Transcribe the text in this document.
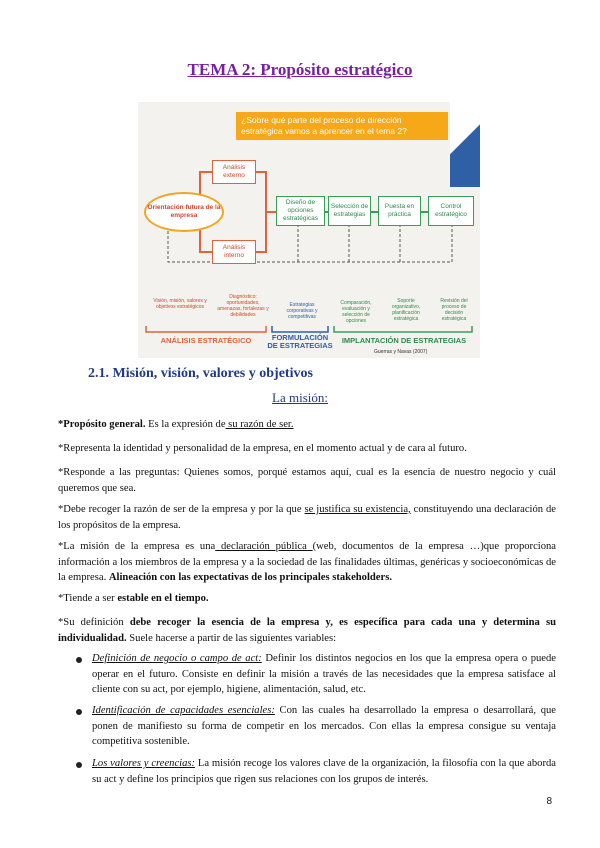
TEMA 2: Propósito estratégico
¿Sobre qué parte del proceso de dirección estratégica vamos a aprencer en el tema 2?
Orientación futura de la empresa
Análisis externo
Análisis interno
Diseño de opciones estratégicas
Selección de estrategias
Puesta en práctica
Control estratégico
Visión, misión, valores y objetivos estratégicos
Diagnóstico: oportunidades, amenazas, fortalezas y debilidades
Estrategias corporativas y competitivas
Comparación, evaluación y selección de opciones
Soporte organizativo, planificación estratégica
Revisión del proceso de decisión estratégica
ANÁLISIS ESTRATÉGICO	FORMULACIÓN DE ESTRATEGIAS
IMPLANTACIÓN DE ESTRATEGIAS
Guerras y Navas (2007)
2.1. Misión, visión, valores y objetivos
La misión:
*Propósito general. Es la expresión de su razón de ser.
*Representa la identidad y personalidad de la empresa, en el momento actual y de cara al futuro.
*Responde a las preguntas: Quienes somos, porqué estamos aquí, cual es la esencia de nuestro negocio y cuál queremos que sea.
*Debe recoger la razón de ser de la empresa y por la que se justifica su existencia, constituyendo una declaración de los propósitos de la empresa.
*La misión de la empresa es una declaración pública (web, documentos de la empresa …)que proporciona información a los miembros de la empresa y a la sociedad de las finalidades últimas, genéricas y socioeconómicas de la empresa. Alineación con las expectativas de los principales stakeholders.
*Tiende a ser estable en el tiempo.
*Su definición debe recoger la esencia de la empresa y, es específica para cada una y determina su individualidad. Suele hacerse a partir de las siguientes variables:
Definición de negocio o campo de act: Definir los distintos negocios en los que la empresa opera o puede operar en el futuro. Consiste en definir la misión a través de las necesidades que la empresa satisface al cliente con su act, por ejemplo, higiene, alimentación, salud, etc.
Identificación de capacidades esenciales: Con las cuales ha desarrollado la empresa o desarrollará, que ponen de manifiesto su forma de competir en los mercados. Con ellas la empresa consigue su ventaja competitiva sostenible.
Los valores y creencias: La misión recoge los valores clave de la organización, la filosofía con la que aborda su act y define los principios que rigen sus relaciones con los grupos de interés.
8
